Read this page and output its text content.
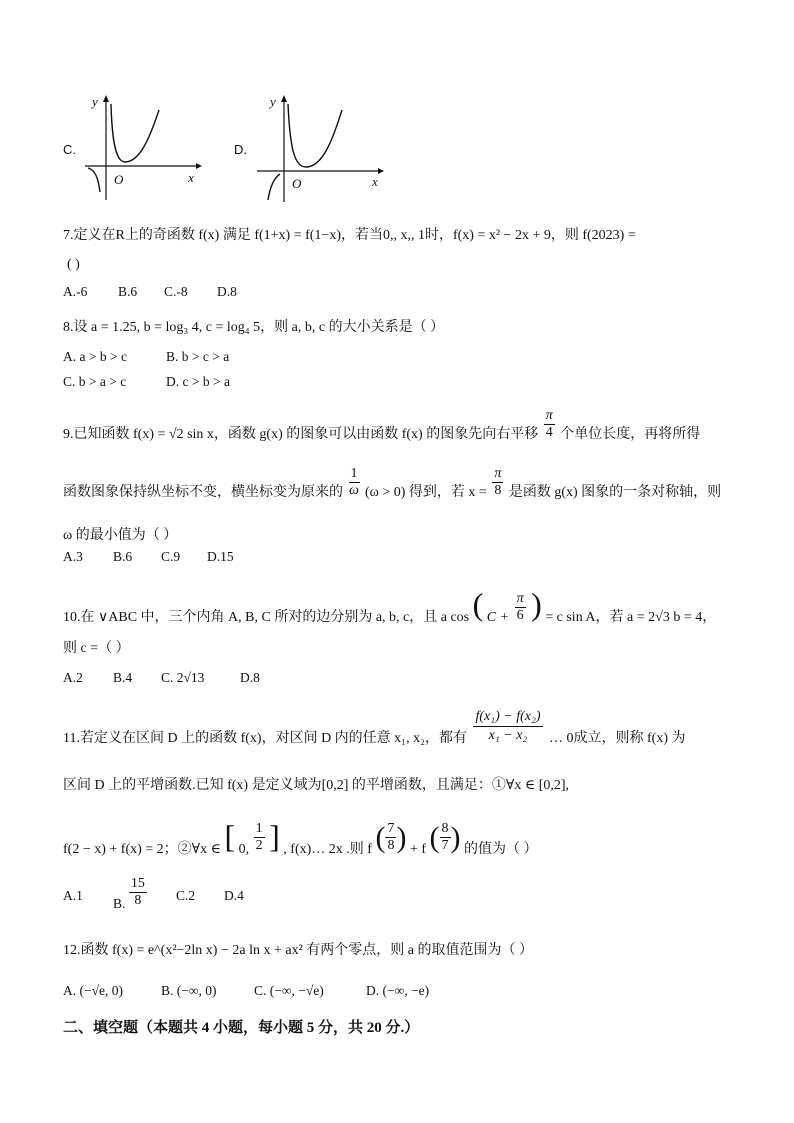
C.
y
x
O
D.
y
x
O
7.定义在R上的奇函数 f(x) 满足 f(1+x) = f(1−x)，若当0,, x,, 1时，f(x) = x² − 2x + 9，则 f(2023) =
( )
A.-6 B.6 C.-8 D.8
8.设 a = 1.25, b = log₃ 4, c = log₄ 5，则 a, b, c 的大小关系是（ ）
A. a > b > c	B. b > c > a
C. b > a > c	D. c > b > a
9.已知函数 f(x) = √2 sin x，函数 g(x) 的图象可以由函数 f(x) 的图象先向右平移 $\frac{\pi}{4}$ 个单位长度，再将所得
函数图象保持纵坐标不变，横坐标变为原来的 $\frac{1}{\omega} (\omega > 0)$ 得到，若 $x = \frac{\pi}{8}$ 是函数 g(x) 图象的一条对称轴，则
ω 的最小值为（ ）
A.3 B.6 C.9 D.15
10.在 ∨ABC 中，三个内角 A, B, C 所对的边分别为 a, b, c，且 a cos ( $C + \frac{\pi}{6}$ ) = c sin A，若 a = 2√3 b = 4，
则 c =（ ）
A.2 B.4 C. 2√13	D.8
11.若定义在区间 D 上的函数 f(x)，对区间 D 内的任意 x₁, x₂，都有 $\frac{\text{f(x₁) − f(x₂)}}{\text{x₁ − x₂}}$ … 0成立，则称 f(x) 为
区间 D 上的平增函数.已知 f(x) 是定义域为[0,2] 的平增函数，且满足：①∀x ∈ [0,2],
f(2 − x) + f(x) = 2；②∀x ∈ [ 0, $\frac{1}{2}$ ] , f(x)… 2x .则 f ( $\frac{7}{8}$ ) + f ( $\frac{8}{7}$ ) 的值为（ ）
A.1
B. $\frac{15}{8} C.2$ D.4
12.函数 f(x) = e^(x²−2ln x) − 2a ln x + ax² 有两个零点，则 a 的取值范围为（ ）
A. (−√e, 0)	B. (−∞, 0)	C. (−∞, −√e)	D. (−∞, −e)
二、填空题（本题共 4 小题，每小题 5 分，共 20 分.）
